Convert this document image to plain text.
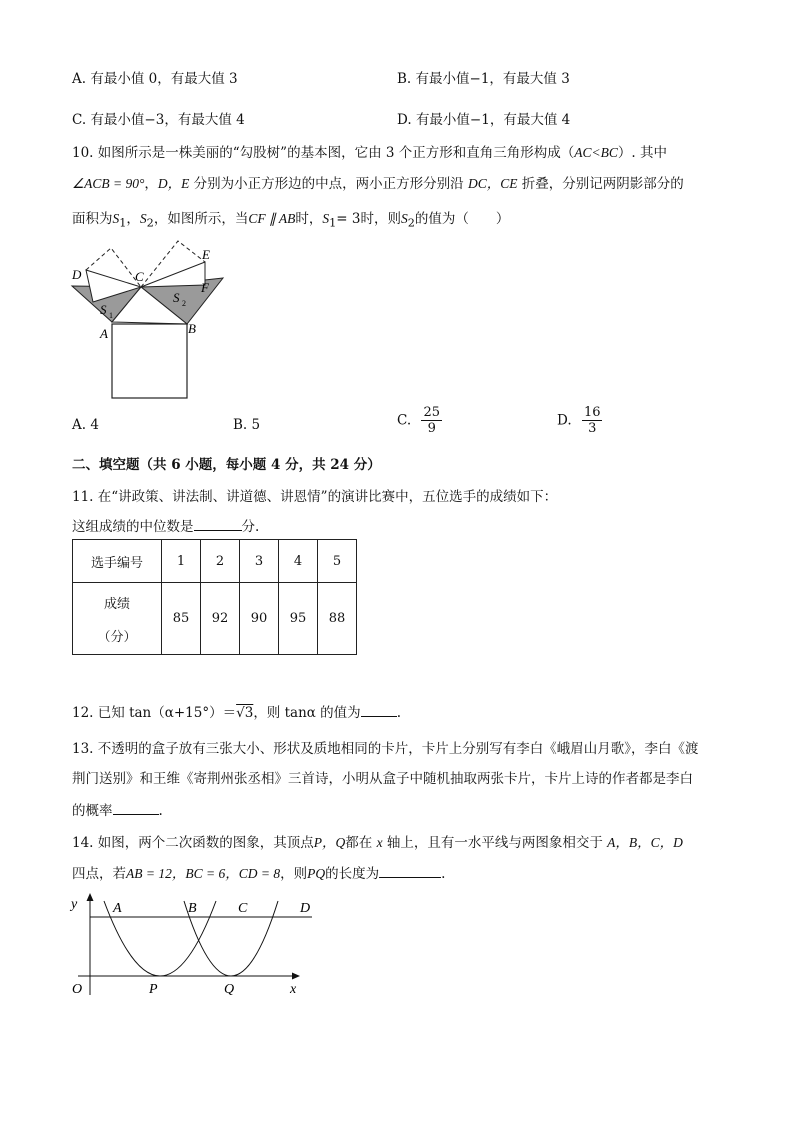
A. 有最小值 0，有最大值 3	B. 有最小值−1，有最大值 3
C. 有最小值−3，有最大值 4	D. 有最小值−1，有最大值 4
10. 如图所示是一株美丽的“勾股树”的基本图，它由 3 个正方形和直角三角形构成（AC<BC）. 其中
∠ACB = 90°，D，E 分别为小正方形边的中点，两小正方形分别沿 DC，CE 折叠，分别记两阴影部分的
面积为$S_1$，$S_2$，如图所示，当CF ∥ AB时，$S_1= 3$时，则$S_2$的值为（　　）
D	C
E
F
S 1
S 2
A	B
A. 4	B. 5	C. $\frac{25}{9}$	D. $\frac{16}{3}$
二、填空题（共 6 小题，每小题 4 分，共 24 分）
11. 在“讲政策、讲法制、讲道德、讲恩情”的演讲比赛中，五位选手的成绩如下：
这组成绩的中位数是	分.
选手编号	1	2	3	4	5

成绩
（分）	85	92	90	95	88
12. 已知 tan（α+15°）＝√3，则 tanα 的值为	.
13. 不透明的盒子放有三张大小、形状及质地相同的卡片，卡片上分别写有李白《峨眉山月歌》，李白《渡
荆门送别》和王维《寄荆州张丞相》三首诗，小明从盒子中随机抽取两张卡片，卡片上诗的作者都是李白
的概率	.
14. 如图，两个二次函数的图象，其顶点P，Q都在 x 轴上，且有一水平线与两图象相交于 A，B，C，D
四点，若AB = 12，BC = 6，CD = 8，则PQ的长度为	.
y	A	B	C	D
O	P	Q	x
